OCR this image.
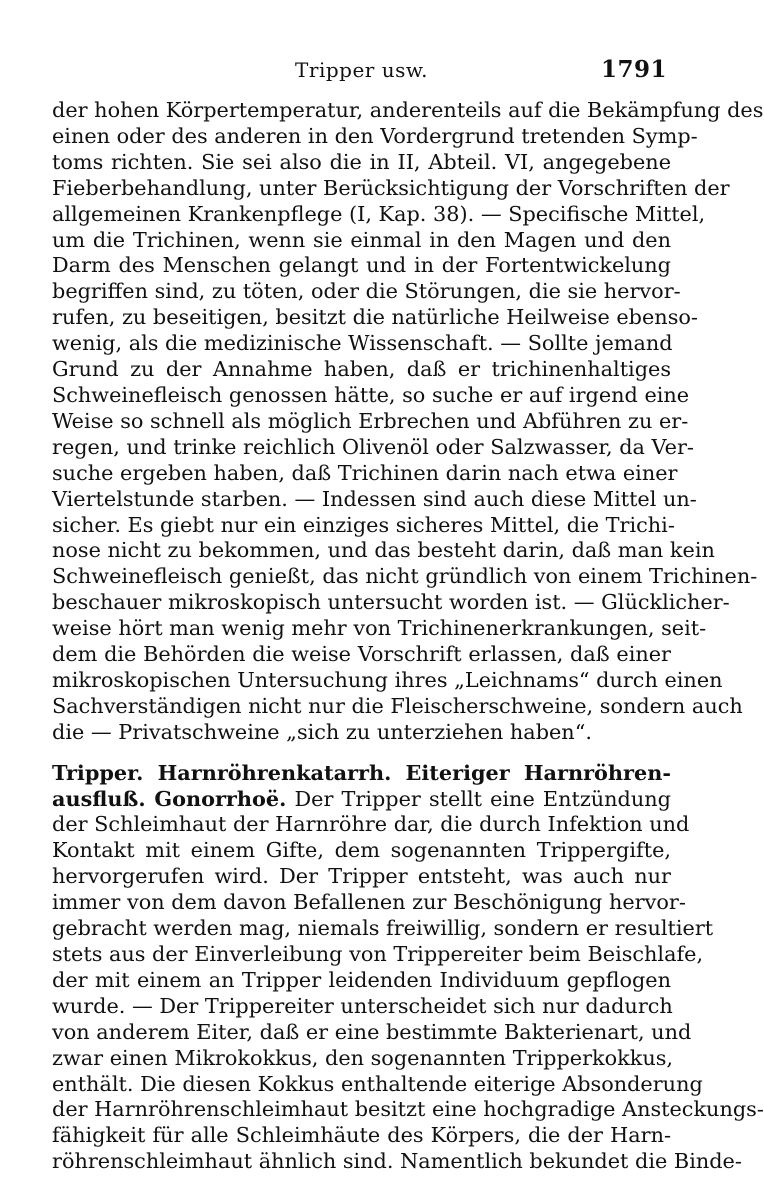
Tripper usw.	1791
der hohen Körpertemperatur, anderenteils auf die Bekämpfung des
einen oder des anderen in den Vordergrund tretenden Symp-
toms richten. Sie sei also die in II, Abteil. VI, angegebene
Fieberbehandlung, unter Berücksichtigung der Vorschriften der
allgemeinen Krankenpflege (I, Kap. 38). — Specifische Mittel,
um die Trichinen, wenn sie einmal in den Magen und den
Darm des Menschen gelangt und in der Fortentwickelung
begriffen sind, zu töten, oder die Störungen, die sie hervor-
rufen, zu beseitigen, besitzt die natürliche Heilweise ebenso-
wenig, als die medizinische Wissenschaft. — Sollte jemand
Grund zu der Annahme haben, daß er trichinenhaltiges
Schweinefleisch genossen hätte, so suche er auf irgend eine
Weise so schnell als möglich Erbrechen und Abführen zu er-
regen, und trinke reichlich Olivenöl oder Salzwasser, da Ver-
suche ergeben haben, daß Trichinen darin nach etwa einer
Viertelstunde starben. — Indessen sind auch diese Mittel un-
sicher. Es giebt nur ein einziges sicheres Mittel, die Trichi-
nose nicht zu bekommen, und das besteht darin, daß man kein
Schweinefleisch genießt, das nicht gründlich von einem Trichinen-
beschauer mikroskopisch untersucht worden ist. — Glücklicher-
weise hört man wenig mehr von Trichinenerkrankungen, seit-
dem die Behörden die weise Vorschrift erlassen, daß einer
mikroskopischen Untersuchung ihres „Leichnams“ durch einen
Sachverständigen nicht nur die Fleischerschweine, sondern auch
die — Privatschweine „sich zu unterziehen haben“.
Tripper. Harnröhrenkatarrh. Eiteriger Harnröhren-
ausfluß. Gonorrhoë. Der Tripper stellt eine Entzündung
der Schleimhaut der Harnröhre dar, die durch Infektion und
Kontakt mit einem Gifte, dem sogenannten Trippergifte,
hervorgerufen wird. Der Tripper entsteht, was auch nur
immer von dem davon Befallenen zur Beschönigung hervor-
gebracht werden mag, niemals freiwillig, sondern er resultiert
stets aus der Einverleibung von Trippereiter beim Beischlafe,
der mit einem an Tripper leidenden Individuum gepflogen
wurde. — Der Trippereiter unterscheidet sich nur dadurch
von anderem Eiter, daß er eine bestimmte Bakterienart, und
zwar einen Mikrokokkus, den sogenannten Tripperkokkus,
enthält. Die diesen Kokkus enthaltende eiterige Absonderung
der Harnröhrenschleimhaut besitzt eine hochgradige Ansteckungs-
fähigkeit für alle Schleimhäute des Körpers, die der Harn-
röhrenschleimhaut ähnlich sind. Namentlich bekundet die Binde-
